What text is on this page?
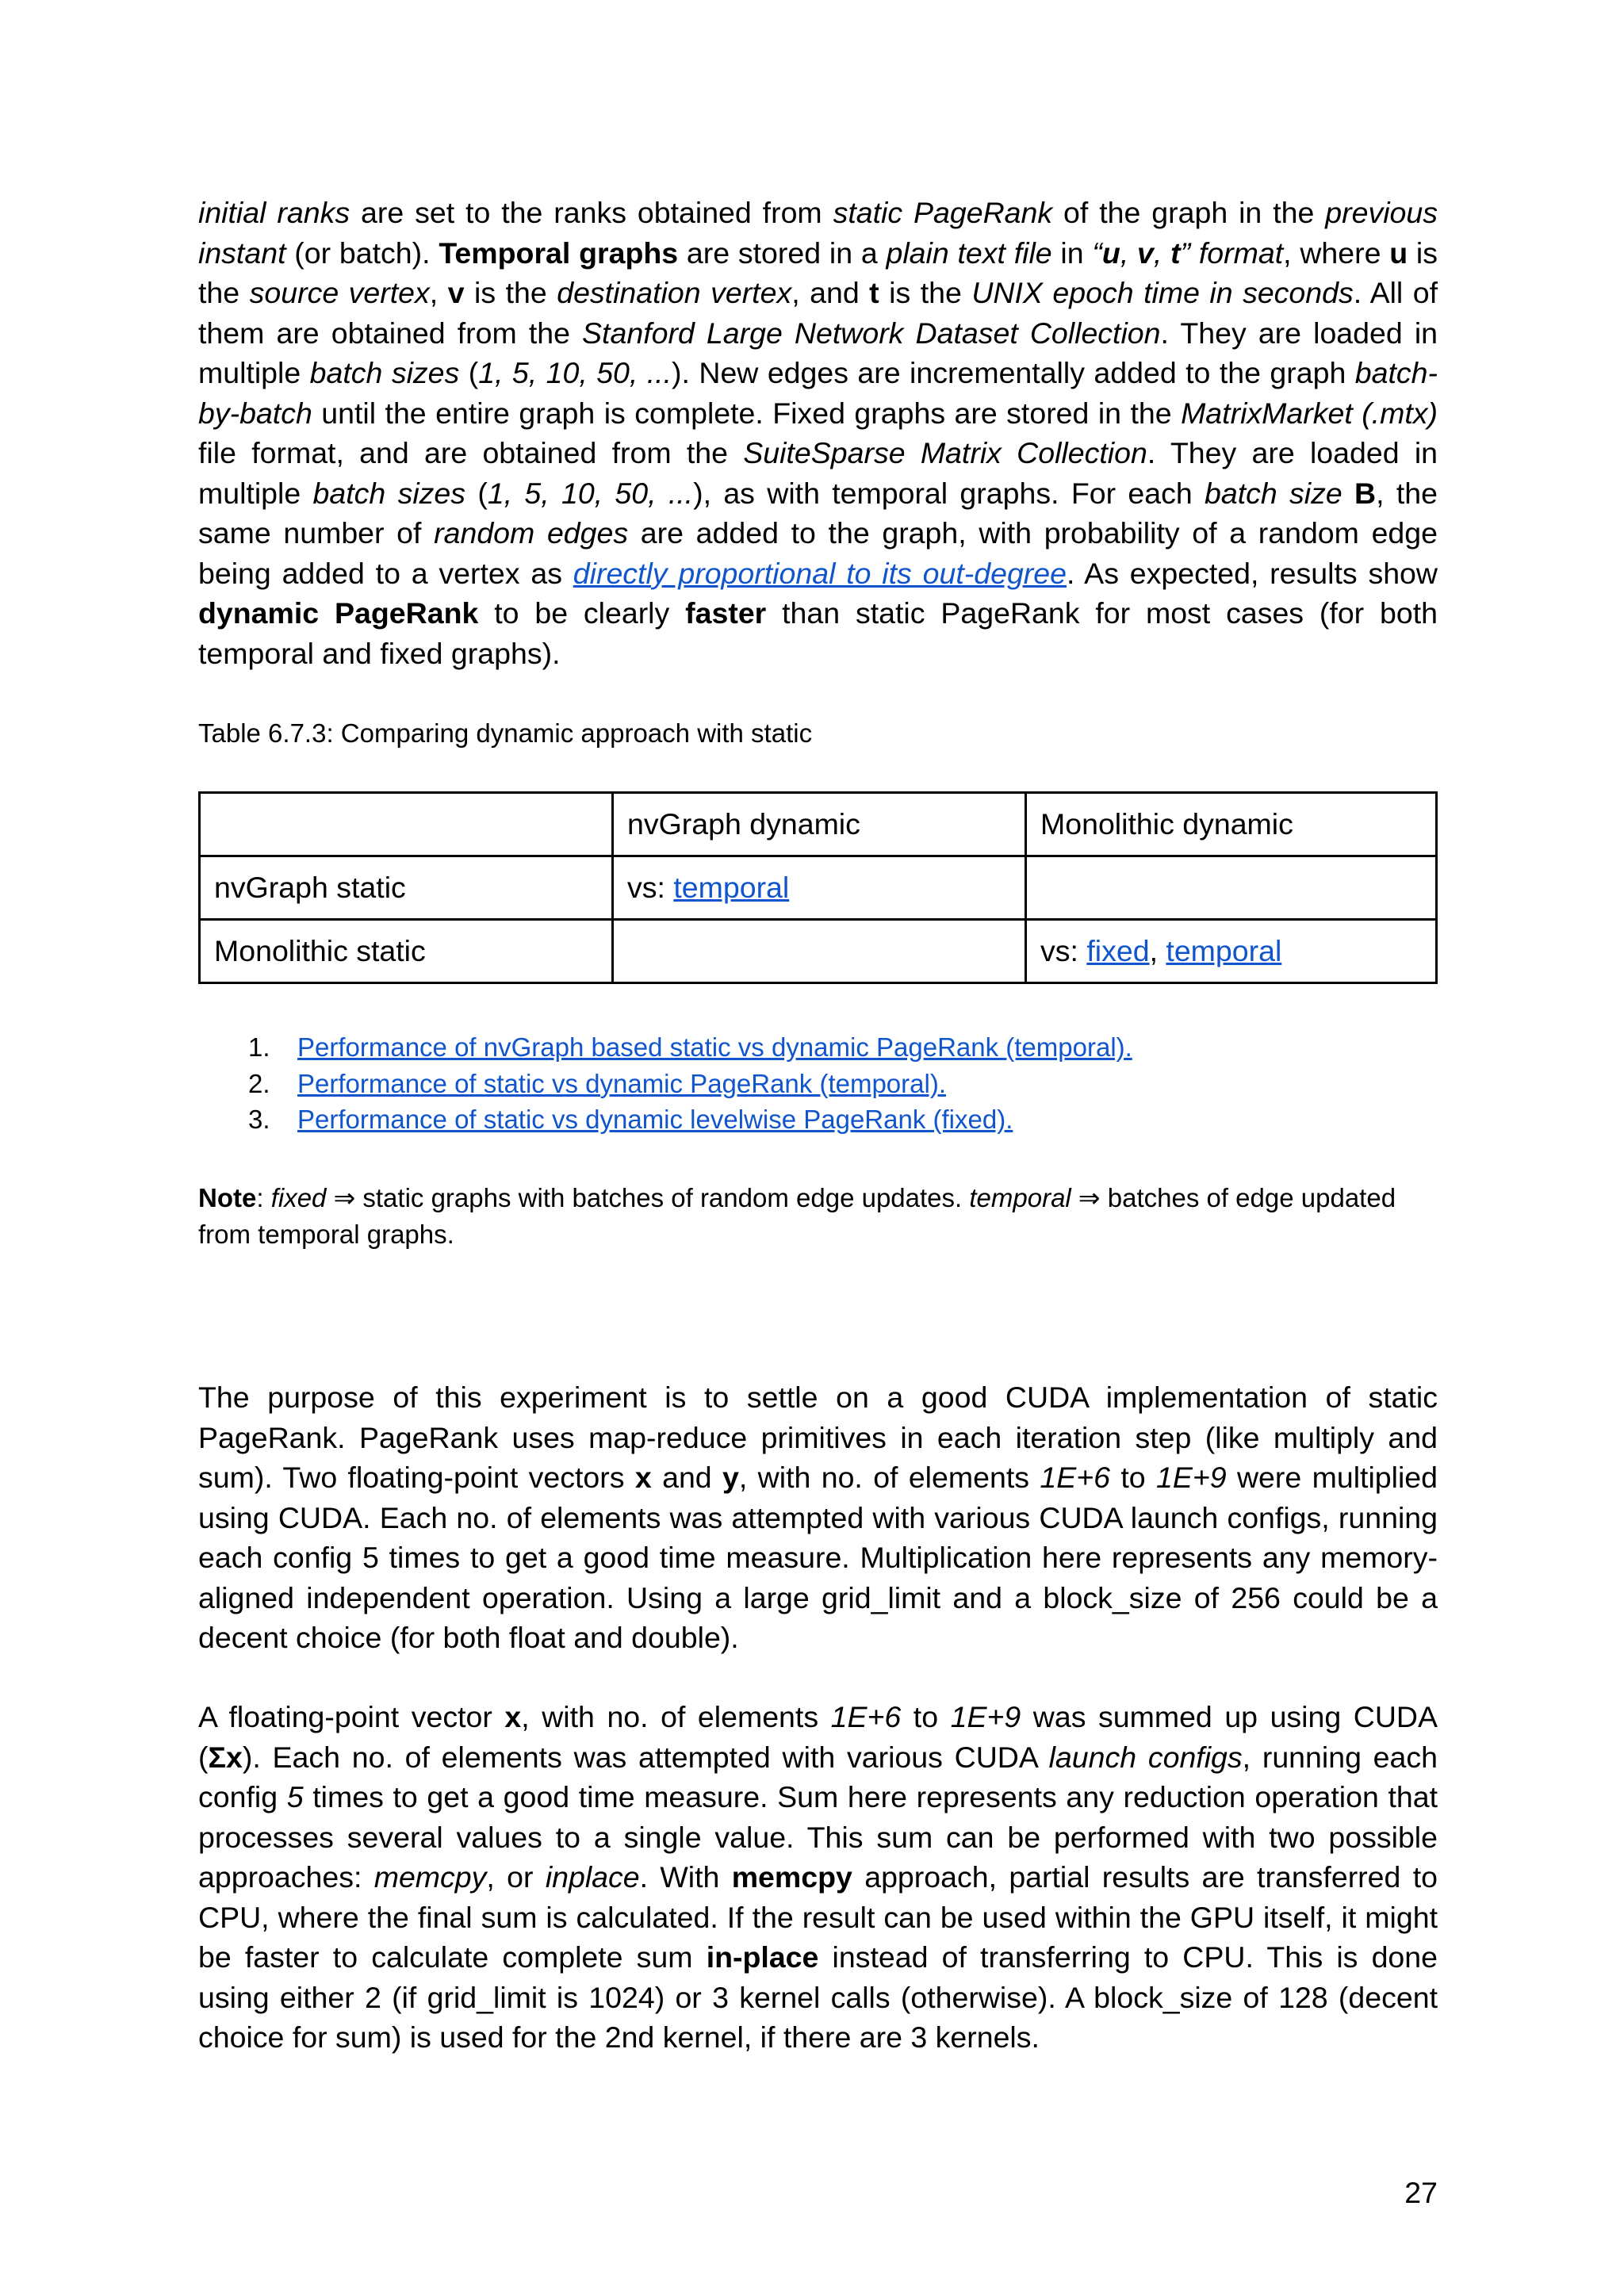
initial ranks are set to the ranks obtained from static PageRank of the graph in the previous instant (or batch). Temporal graphs are stored in a plain text file in “u, v, t” format, where u is the source vertex, v is the destination vertex, and t is the UNIX epoch time in seconds. All of them are obtained from the Stanford Large Network Dataset Collection. They are loaded in multiple batch sizes (1, 5, 10, 50, ...). New edges are incrementally added to the graph batch-by-batch until the entire graph is complete. Fixed graphs are stored in the MatrixMarket (.mtx) file format, and are obtained from the SuiteSparse Matrix Collection. They are loaded in multiple batch sizes (1, 5, 10, 50, ...), as with temporal graphs. For each batch size B, the same number of random edges are added to the graph, with probability of a random edge being added to a vertex as directly proportional to its out-degree. As expected, results show dynamic PageRank to be clearly faster than static PageRank for most cases (for both temporal and fixed graphs).

Table 6.7.3: Comparing dynamic approach with static

	nvGraph dynamic	Monolithic dynamic
nvGraph static	vs: temporal	
Monolithic static		vs: fixed, temporal
1. Performance of nvGraph based static vs dynamic PageRank (temporal).
2. Performance of static vs dynamic PageRank (temporal).
3. Performance of static vs dynamic levelwise PageRank (fixed).

Note: fixed ⇒ static graphs with batches of random edge updates. temporal ⇒ batches of edge updated from temporal graphs.

The purpose of this experiment is to settle on a good CUDA implementation of static PageRank. PageRank uses map-reduce primitives in each iteration step (like multiply and sum). Two floating-point vectors x and y, with no. of elements 1E+6 to 1E+9 were multiplied using CUDA. Each no. of elements was attempted with various CUDA launch configs, running each config 5 times to get a good time measure. Multiplication here represents any memory-aligned independent operation. Using a large grid_limit and a block_size of 256 could be a decent choice (for both float and double).

A floating-point vector x, with no. of elements 1E+6 to 1E+9 was summed up using CUDA (Σx). Each no. of elements was attempted with various CUDA launch configs, running each config 5 times to get a good time measure. Sum here represents any reduction operation that processes several values to a single value. This sum can be performed with two possible approaches: memcpy, or inplace. With memcpy approach, partial results are transferred to CPU, where the final sum is calculated. If the result can be used within the GPU itself, it might be faster to calculate complete sum in-place instead of transferring to CPU. This is done using either 2 (if grid_limit is 1024) or 3 kernel calls (otherwise). A block_size of 128 (decent choice for sum) is used for the 2nd kernel, if there are 3 kernels.

27
